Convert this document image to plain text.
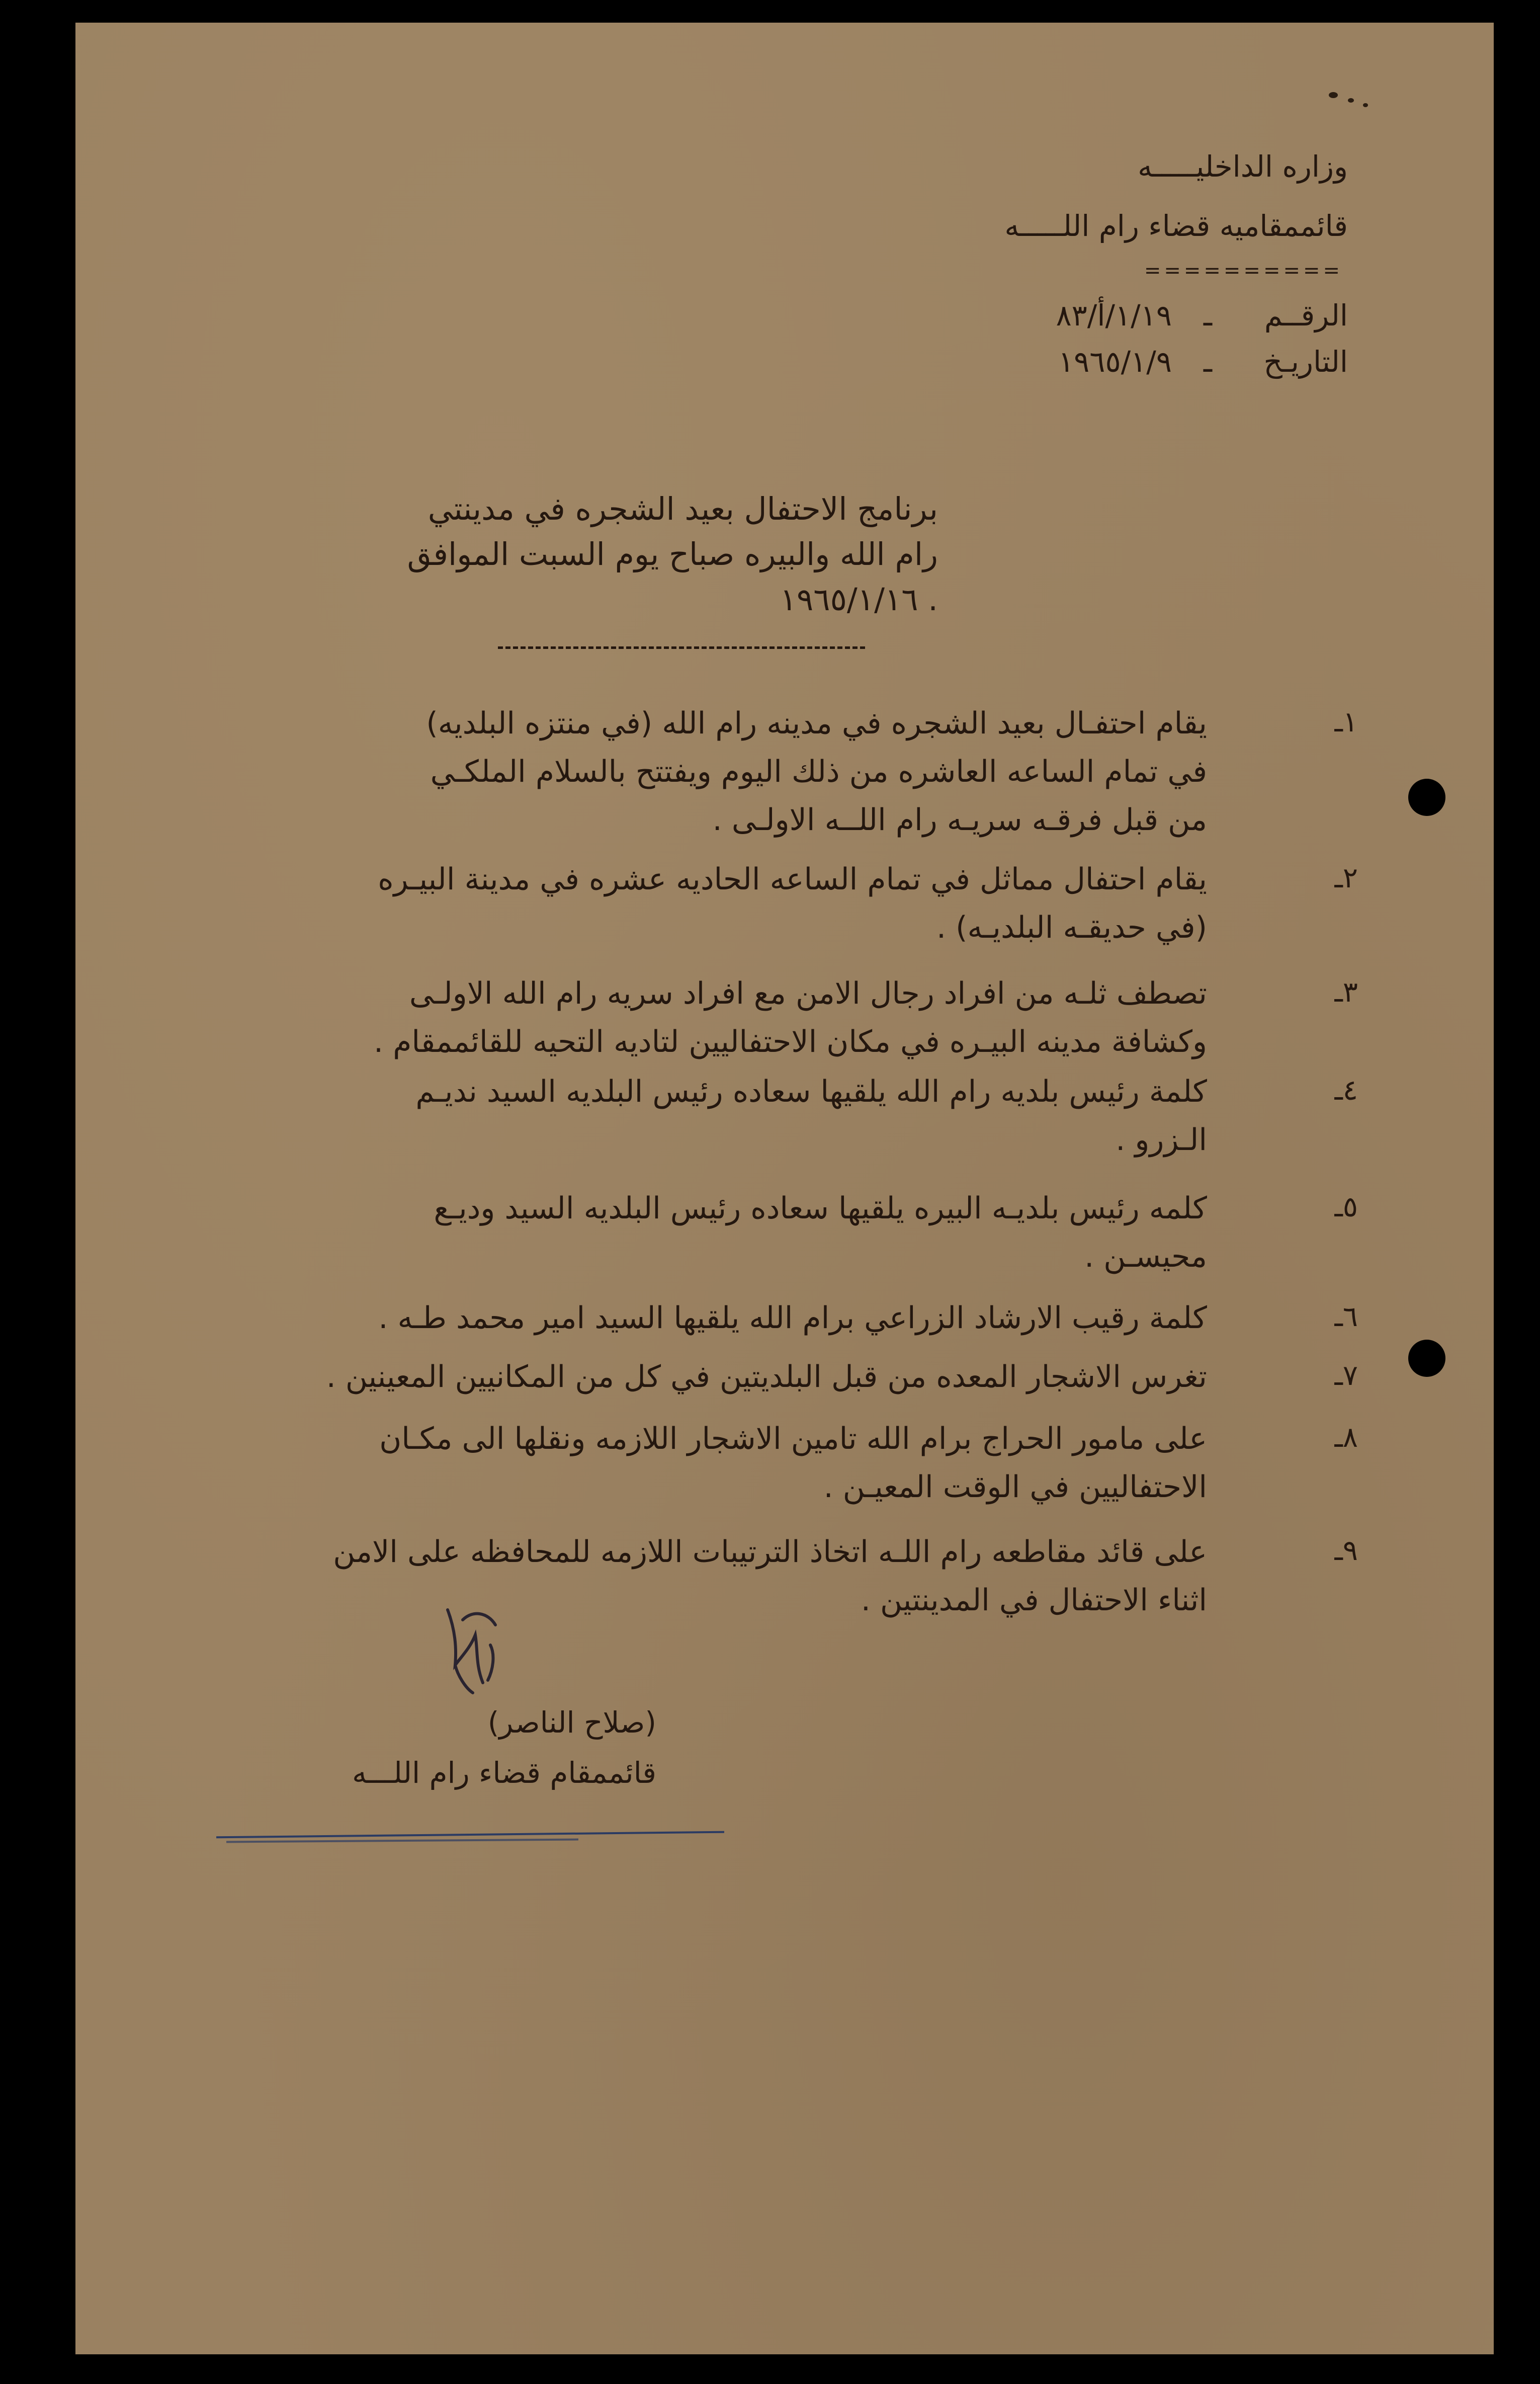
وزاره الداخليـــــه
قائممقاميه قضاء رام اللـــــه
==========
الرقــم
ـ
١/١٩/أ/٨٣
التاريـخ
ـ
١٩٦٥/١/٩
برنامج الاحتفال بعيد الشجره في مدينتي
رام الله والبيره صباح يوم السبت الموافق
١٩٦٥/١/١٦ .
١ـ
يقام احتفـال بعيد الشجره في مدينه رام الله (في منتزه البلديه)
في تمام الساعه العاشره من ذلك اليوم ويفتتح بالسلام الملكـي
من قبل فرقـه سريـه رام اللــه الاولـى .
٢ـ
يقام احتفال مماثل في تمام الساعه الحاديه عشره في مدينة البيـره
(في حديقـه البلديـه) .
٣ـ
تصطف ثلـه من افراد رجال الامن مع افراد سريه رام الله الاولـى
وكشافة مدينه البيـره في مكان الاحتفاليين لتاديه التحيه للقائممقام .
٤ـ
كلمة رئيس بلديه رام الله يلقيها سعاده رئيس البلديه السيد نديـم
الـزرو .
٥ـ
كلمه رئيس بلديـه البيره يلقيها سعاده رئيس البلديه السيد وديـع
محيسـن .
٦ـ
كلمة رقيب الارشاد الزراعي برام الله يلقيها السيد امير محمد طـه .
٧ـ
تغرس الاشجار المعده من قبل البلديتين في كل من المكانيين المعينين .
٨ـ
على مامور الحراج برام الله تامين الاشجار اللازمه ونقلها الى مكـان
الاحتفاليين في الوقت المعيـن .
٩ـ
على قائد مقاطعه رام اللـه اتخاذ الترتيبات اللازمه للمحافظه على الامن
اثناء الاحتفال في المدينتين .
(صلاح الناصر)
قائممقام قضاء رام اللـــه
